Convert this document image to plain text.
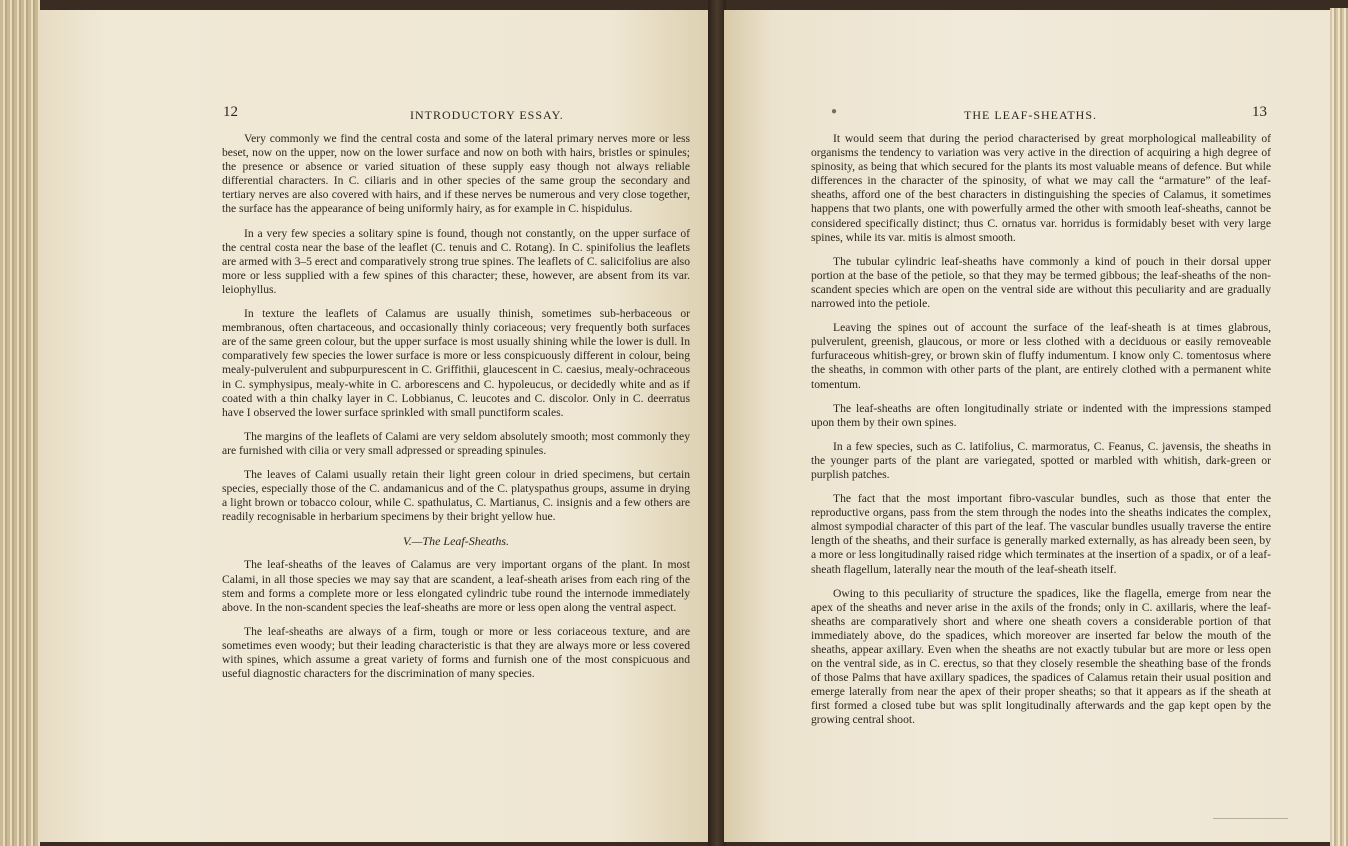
12	INTRODUCTORY ESSAY.

Very commonly we find the central costa and some of the lateral primary nerves more or less beset, now on the upper, now on the lower surface and now on both with hairs, bristles or spinules; the presence or absence or varied situation of these supply easy though not always reliable differential characters. In C. ciliaris and in other species of the same group the secondary and tertiary nerves are also covered with hairs, and if these nerves be numerous and very close together, the surface has the appearance of being uniformly hairy, as for example in C. hispidulus.

In a very few species a solitary spine is found, though not constantly, on the upper surface of the central costa near the base of the leaflet (C. tenuis and C. Rotang). In C. spinifolius the leaflets are armed with 3–5 erect and comparatively strong true spines. The leaflets of C. salicifolius are also more or less supplied with a few spines of this character; these, however, are absent from its var. leiophyllus.

In texture the leaflets of Calamus are usually thinish, sometimes sub-herbaceous or membranous, often chartaceous, and occasionally thinly coriaceous; very frequently both surfaces are of the same green colour, but the upper surface is most usually shining while the lower is dull. In comparatively few species the lower surface is more or less conspicuously different in colour, being mealy-pulverulent and subpurpurescent in C. Griffithii, glaucescent in C. caesius, mealy-ochraceous in C. symphysipus, mealy-white in C. arborescens and C. hypoleucus, or decidedly white and as if coated with a thin chalky layer in C. Lobbianus, C. leucotes and C. discolor. Only in C. deerratus have I observed the lower surface sprinkled with small punctiform scales.

The margins of the leaflets of Calami are very seldom absolutely smooth; most commonly they are furnished with cilia or very small adpressed or spreading spinules.

The leaves of Calami usually retain their light green colour in dried specimens, but certain species, especially those of the C. andamanicus and of the C. platyspathus groups, assume in drying a light brown or tobacco colour, while C. spathulatus, C. Martianus, C. insignis and a few others are readily recognisable in herbarium specimens by their bright yellow hue.

V.—The Leaf-Sheaths.

The leaf-sheaths of the leaves of Calamus are very important organs of the plant. In most Calami, in all those species we may say that are scandent, a leaf-sheath arises from each ring of the stem and forms a complete more or less elongated cylindric tube round the internode immediately above. In the non-scandent species the leaf-sheaths are more or less open along the ventral aspect.

The leaf-sheaths are always of a firm, tough or more or less coriaceous texture, and are sometimes even woody; but their leading characteristic is that they are always more or less covered with spines, which assume a great variety of forms and furnish one of the most conspicuous and useful diagnostic characters for the discrimination of many species.

●	THE LEAF-SHEATHS.	13

It would seem that during the period characterised by great morphological malleability of organisms the tendency to variation was very active in the direction of acquiring a high degree of spinosity, as being that which secured for the plants its most valuable means of defence. But while differences in the character of the spinosity, of what we may call the “armature” of the leaf-sheaths, afford one of the best characters in distinguishing the species of Calamus, it sometimes happens that two plants, one with powerfully armed the other with smooth leaf-sheaths, cannot be considered specifically distinct; thus C. ornatus var. horridus is formidably beset with very large spines, while its var. mitis is almost smooth.

The tubular cylindric leaf-sheaths have commonly a kind of pouch in their dorsal upper portion at the base of the petiole, so that they may be termed gibbous; the leaf-sheaths of the non-scandent species which are open on the ventral side are without this peculiarity and are gradually narrowed into the petiole.

Leaving the spines out of account the surface of the leaf-sheath is at times glabrous, pulverulent, greenish, glaucous, or more or less clothed with a deciduous or easily removeable furfuraceous whitish-grey, or brown skin of fluffy indumentum. I know only C. tomentosus where the sheaths, in common with other parts of the plant, are entirely clothed with a permanent white tomentum.

The leaf-sheaths are often longitudinally striate or indented with the impressions stamped upon them by their own spines.

In a few species, such as C. latifolius, C. marmoratus, C. Feanus, C. javensis, the sheaths in the younger parts of the plant are variegated, spotted or marbled with whitish, dark-green or purplish patches.

The fact that the most important fibro-vascular bundles, such as those that enter the reproductive organs, pass from the stem through the nodes into the sheaths indicates the complex, almost sympodial character of this part of the leaf. The vascular bundles usually traverse the entire length of the sheaths, and their surface is generally marked externally, as has already been seen, by a more or less longitudinally raised ridge which terminates at the insertion of a spadix, or of a leaf-sheath flagellum, laterally near the mouth of the leaf-sheath itself.

Owing to this peculiarity of structure the spadices, like the flagella, emerge from near the apex of the sheaths and never arise in the axils of the fronds; only in C. axillaris, where the leaf-sheaths are comparatively short and where one sheath covers a considerable portion of that immediately above, do the spadices, which moreover are inserted far below the mouth of the sheaths, appear axillary. Even when the sheaths are not exactly tubular but are more or less open on the ventral side, as in C. erectus, so that they closely resemble the sheathing base of the fronds of those Palms that have axillary spadices, the spadices of Calamus retain their usual position and emerge laterally from near the apex of their proper sheaths; so that it appears as if the sheath at first formed a closed tube but was split longitudinally afterwards and the gap kept open by the growing central shoot.
